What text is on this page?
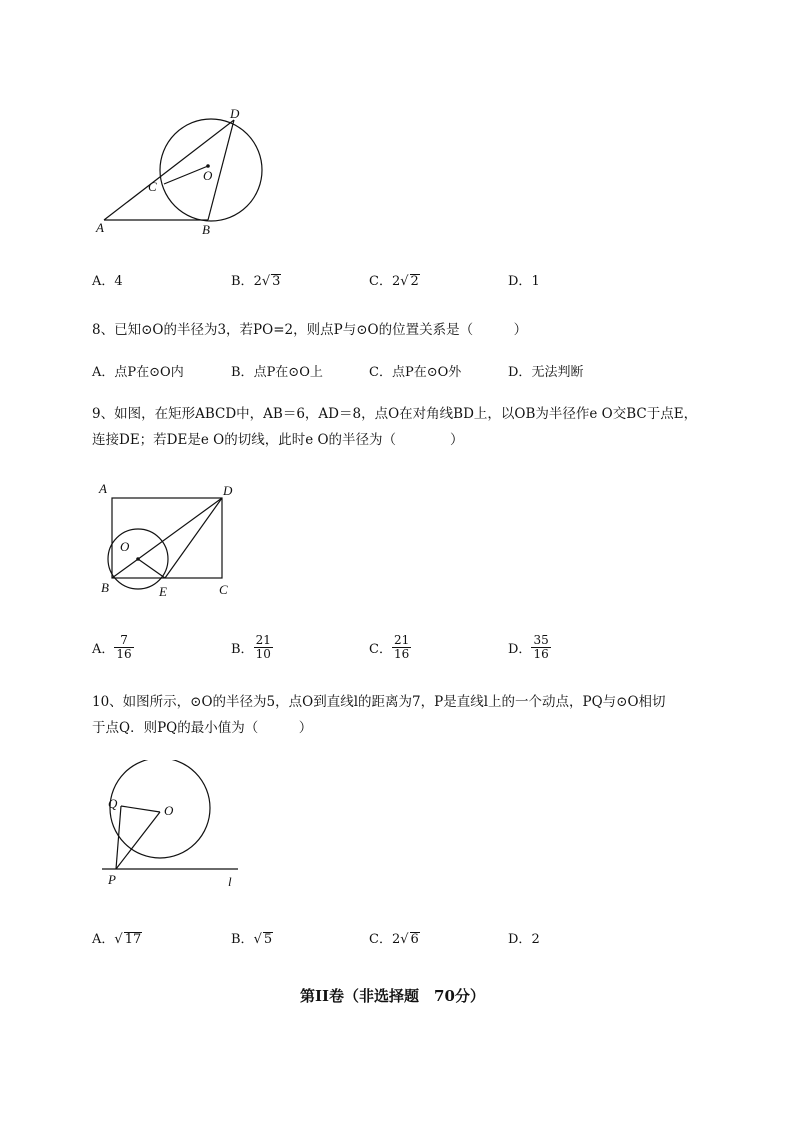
D
C
O
A	B
A．4	B．2√ 3	C．2√ 2	D．1
8、已知⊙O的半径为3，若PO=2，则点P与⊙O的位置关系是（　　　）
A．点P在⊙O内	B．点P在⊙O上	C．点P在⊙O外	D．无法判断
9、如图，在矩形ABCD中，AB＝6，AD＝8，点O在对角线BD上，以OB为半径作e O交BC于点E，
连接DE；若DE是e O的切线，此时e O的半径为（　　　　）
A	D
O
B	E	C
A． $\frac{7}{16}$	B． $\frac{21}{10}$	C． $\frac{21}{16}$	D． $\frac{35}{16}$
10、如图所示，⊙O的半径为5，点O到直线l的距离为7，P是直线l上的一个动点，PQ与⊙O相切
于点Q．则PQ的最小值为（　　　）
Q	O
P	l
A．√ 17	B．√ 5	C．2√ 6	D．2
第II卷（非选择题　70分）
